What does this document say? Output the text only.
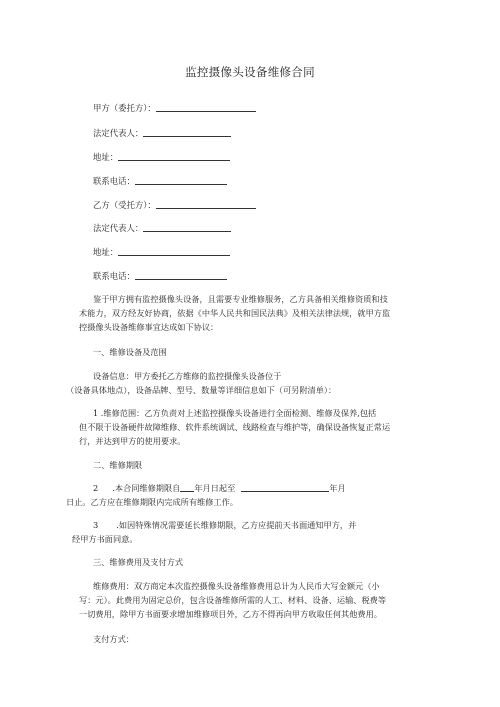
监控摄像头设备维修合同
甲方（委托方）：
法定代表人：
地址：
联系电话：
乙方（受托方）：
法定代表人：
地址：
联系电话：
鉴于甲方拥有监控摄像头设备，且需要专业维修服务，乙方具备相关维修资质和技
术能力，双方经友好协商，依据《中华人民共和国民法典》及相关法律法规，就甲方监
控摄像头设备维修事宜达成如下协议：
一、维修设备及范围
设备信息：甲方委托乙方维修的监控摄像头设备位于
（设备具体地点），设备品牌、型号、数量等详细信息如下（可另附清单）：
1 .维修范围：乙方负责对上述监控摄像头设备进行全面检测、维修及保养,包括
但不限于设备硬件故障维修、软件系统调试、线路检查与维护等，确保设备恢复正常运
行，并达到甲方的使用要求。
二、维修期限
2 .本合同维修期限自 年月日起至	年月
日止。乙方应在维修期限内完成所有维修工作。
3 .如因特殊情况需要延长维修期限，乙方应提前天书面通知甲方，并
经甲方书面同意。
三、维修费用及支付方式
维修费用：双方商定本次监控摄像头设备维修费用总计为人民币大写金额元（小
写：元）。此费用为固定总价，包含设备维修所需的人工、材料、设备、运输、税费等
一切费用，除甲方书面要求增加维修项目外，乙方不得再向甲方收取任何其他费用。
支付方式：
